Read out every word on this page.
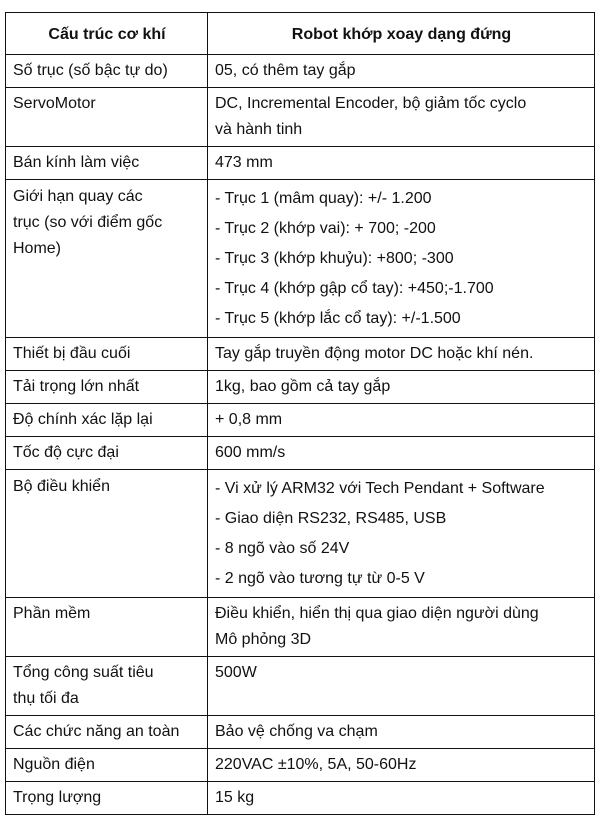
Cấu trúc cơ khí	Robot khớp xoay dạng đứng

Số trục (số bậc tự do)	05, có thêm tay gắp

ServoMotor	DC, Incremental Encoder, bộ giảm tốc cyclo
và hành tinh

Bán kính làm việc	473 mm

Giới hạn quay các
trục (so với điểm gốc
Home)	- Trục 1 (mâm quay): +/- 1.200
- Trục 2 (khớp vai): + 700; -200
- Trục 3 (khớp khuỷu): +800; -300
- Trục 4 (khớp gập cổ tay): +450;-1.700
- Trục 5 (khớp lắc cổ tay): +/-1.500

Thiết bị đầu cuối	Tay gắp truyền động motor DC hoặc khí nén.

Tải trọng lớn nhất	1kg, bao gồm cả tay gắp

Độ chính xác lặp lại	+ 0,8 mm

Tốc độ cực đại	600 mm/s

Bộ điều khiển	- Vi xử lý ARM32 với Tech Pendant + Software
- Giao diện RS232, RS485, USB
- 8 ngõ vào số 24V
- 2 ngõ vào tương tự từ 0-5 V

Phần mềm	Điều khiển, hiển thị qua giao diện người dùng
Mô phỏng 3D

Tổng công suất tiêu
thụ tối đa	500W

Các chức năng an toàn	Bảo vệ chống va chạm

Nguồn điện	220VAC ±10%, 5A, 50-60Hz

Trọng lượng	15 kg
